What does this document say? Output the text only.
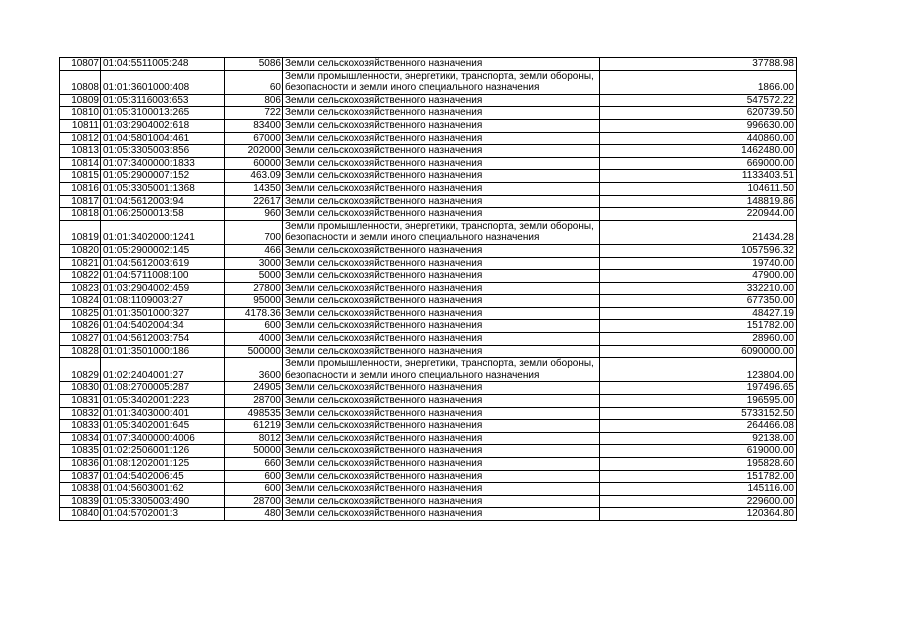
10807	01:04:5511005:248	5086	Земли сельскохозяйственного назначения	37788.98
10808	01:01:3601000:408	60	Земли промышленности, энергетики, транспорта, земли обороны, безопасности и земли иного специального назначения	1866.00
10809	01:05:3116003:653	806	Земли сельскохозяйственного назначения	547572.22
10810	01:05:3100013:265	722	Земли сельскохозяйственного назначения	620739.50
10811	01:03:2904002:618	83400	Земли сельскохозяйственного назначения	996630.00
10812	01:04:5801004:461	67000	Земли сельскохозяйственного назначения	440860.00
10813	01:05:3305003:856	202000	Земли сельскохозяйственного назначения	1462480.00
10814	01:07:3400000:1833	60000	Земли сельскохозяйственного назначения	669000.00
10815	01:05:2900007:152	463.09	Земли сельскохозяйственного назначения	1133403.51
10816	01:05:3305001:1368	14350	Земли сельскохозяйственного назначения	104611.50
10817	01:04:5612003:94	22617	Земли сельскохозяйственного назначения	148819.86
10818	01:06:2500013:58	960	Земли сельскохозяйственного назначения	220944.00
10819	01:01:3402000:1241	700	Земли промышленности, энергетики, транспорта, земли обороны, безопасности и земли иного специального назначения	21434.28
10820	01:05:2900002:145	466	Земли сельскохозяйственного назначения	1057596.32
10821	01:04:5612003:619	3000	Земли сельскохозяйственного назначения	19740.00
10822	01:04:5711008:100	5000	Земли сельскохозяйственного назначения	47900.00
10823	01:03:2904002:459	27800	Земли сельскохозяйственного назначения	332210.00
10824	01:08:1109003:27	95000	Земли сельскохозяйственного назначения	677350.00
10825	01:01:3501000:327	4178.36	Земли сельскохозяйственного назначения	48427.19
10826	01:04:5402004:34	600	Земли сельскохозяйственного назначения	151782.00
10827	01:04:5612003:754	4000	Земли сельскохозяйственного назначения	28960.00
10828	01:01:3501000:186	500000	Земли сельскохозяйственного назначения	6090000.00
10829	01:02:2404001:27	3600	Земли промышленности, энергетики, транспорта, земли обороны, безопасности и земли иного специального назначения	123804.00
10830	01:08:2700005:287	24905	Земли сельскохозяйственного назначения	197496.65
10831	01:05:3402001:223	28700	Земли сельскохозяйственного назначения	196595.00
10832	01:01:3403000:401	498535	Земли сельскохозяйственного назначения	5733152.50
10833	01:05:3402001:645	61219	Земли сельскохозяйственного назначения	264466.08
10834	01:07:3400000:4006	8012	Земли сельскохозяйственного назначения	92138.00
10835	01:02:2506001:126	50000	Земли сельскохозяйственного назначения	619000.00
10836	01:08:1202001:125	660	Земли сельскохозяйственного назначения	195828.60
10837	01:04:5402006:45	600	Земли сельскохозяйственного назначения	151782.00
10838	01:04:5603001:62	600	Земли сельскохозяйственного назначения	145116.00
10839	01:05:3305003:490	28700	Земли сельскохозяйственного назначения	229600.00
10840	01:04:5702001:3	480	Земли сельскохозяйственного назначения	120364.80
